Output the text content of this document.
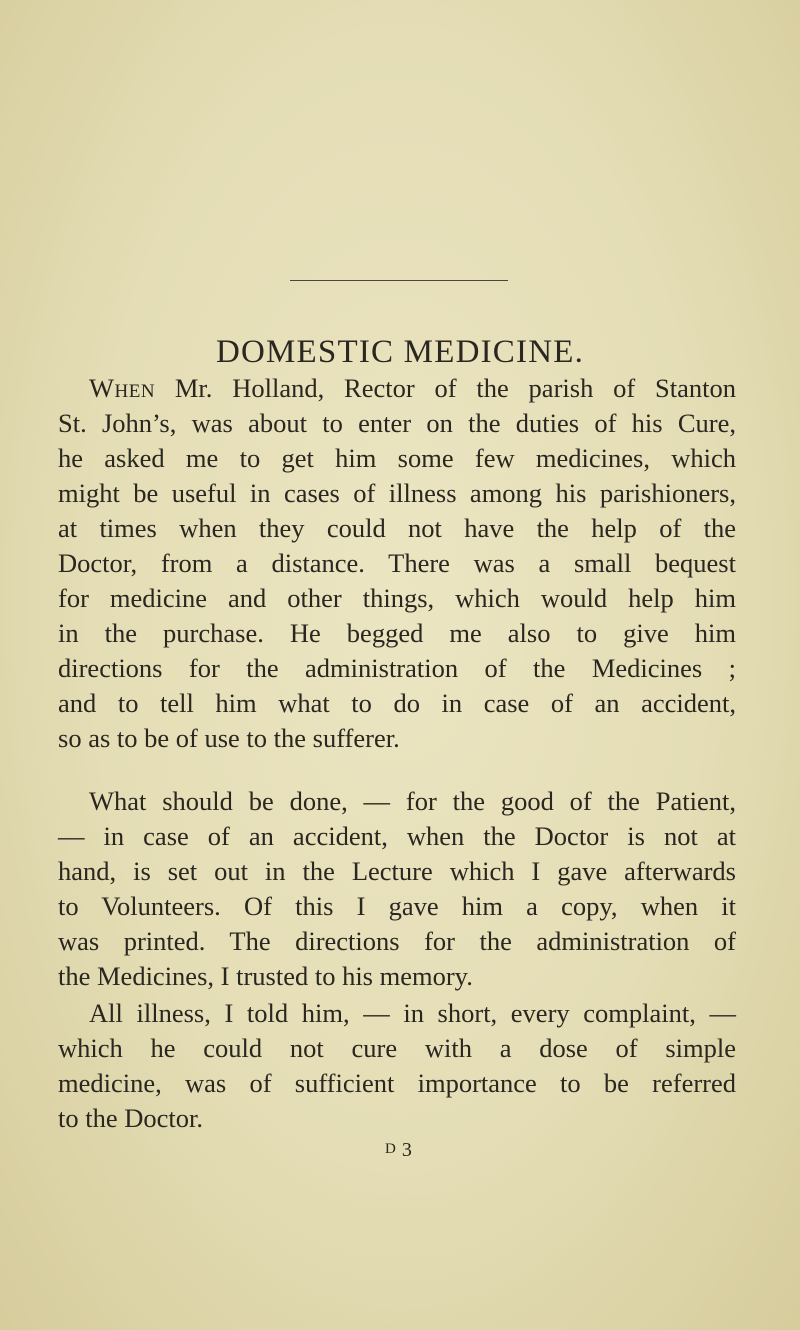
DOMESTIC MEDICINE.
When Mr. Holland, Rector of the parish of Stanton
St. John’s, was about to enter on the duties of his Cure,
he asked me to get him some few medicines, which
might be useful in cases of illness among his parishioners,
at times when they could not have the help of the
Doctor, from a distance. There was a small bequest
for medicine and other things, which would help him
in the purchase. He begged me also to give him
directions for the administration of the Medicines ;
and to tell him what to do in case of an accident,
so as to be of use to the sufferer.
What should be done, — for the good of the Patient,
— in case of an accident, when the Doctor is not at
hand, is set out in the Lecture which I gave afterwards
to Volunteers. Of this I gave him a copy, when it
was printed. The directions for the administration of
the Medicines, I trusted to his memory.
All illness, I told him, — in short, every complaint, —
which he could not cure with a dose of simple
medicine, was of sufficient importance to be referred
to the Doctor.
D 3
